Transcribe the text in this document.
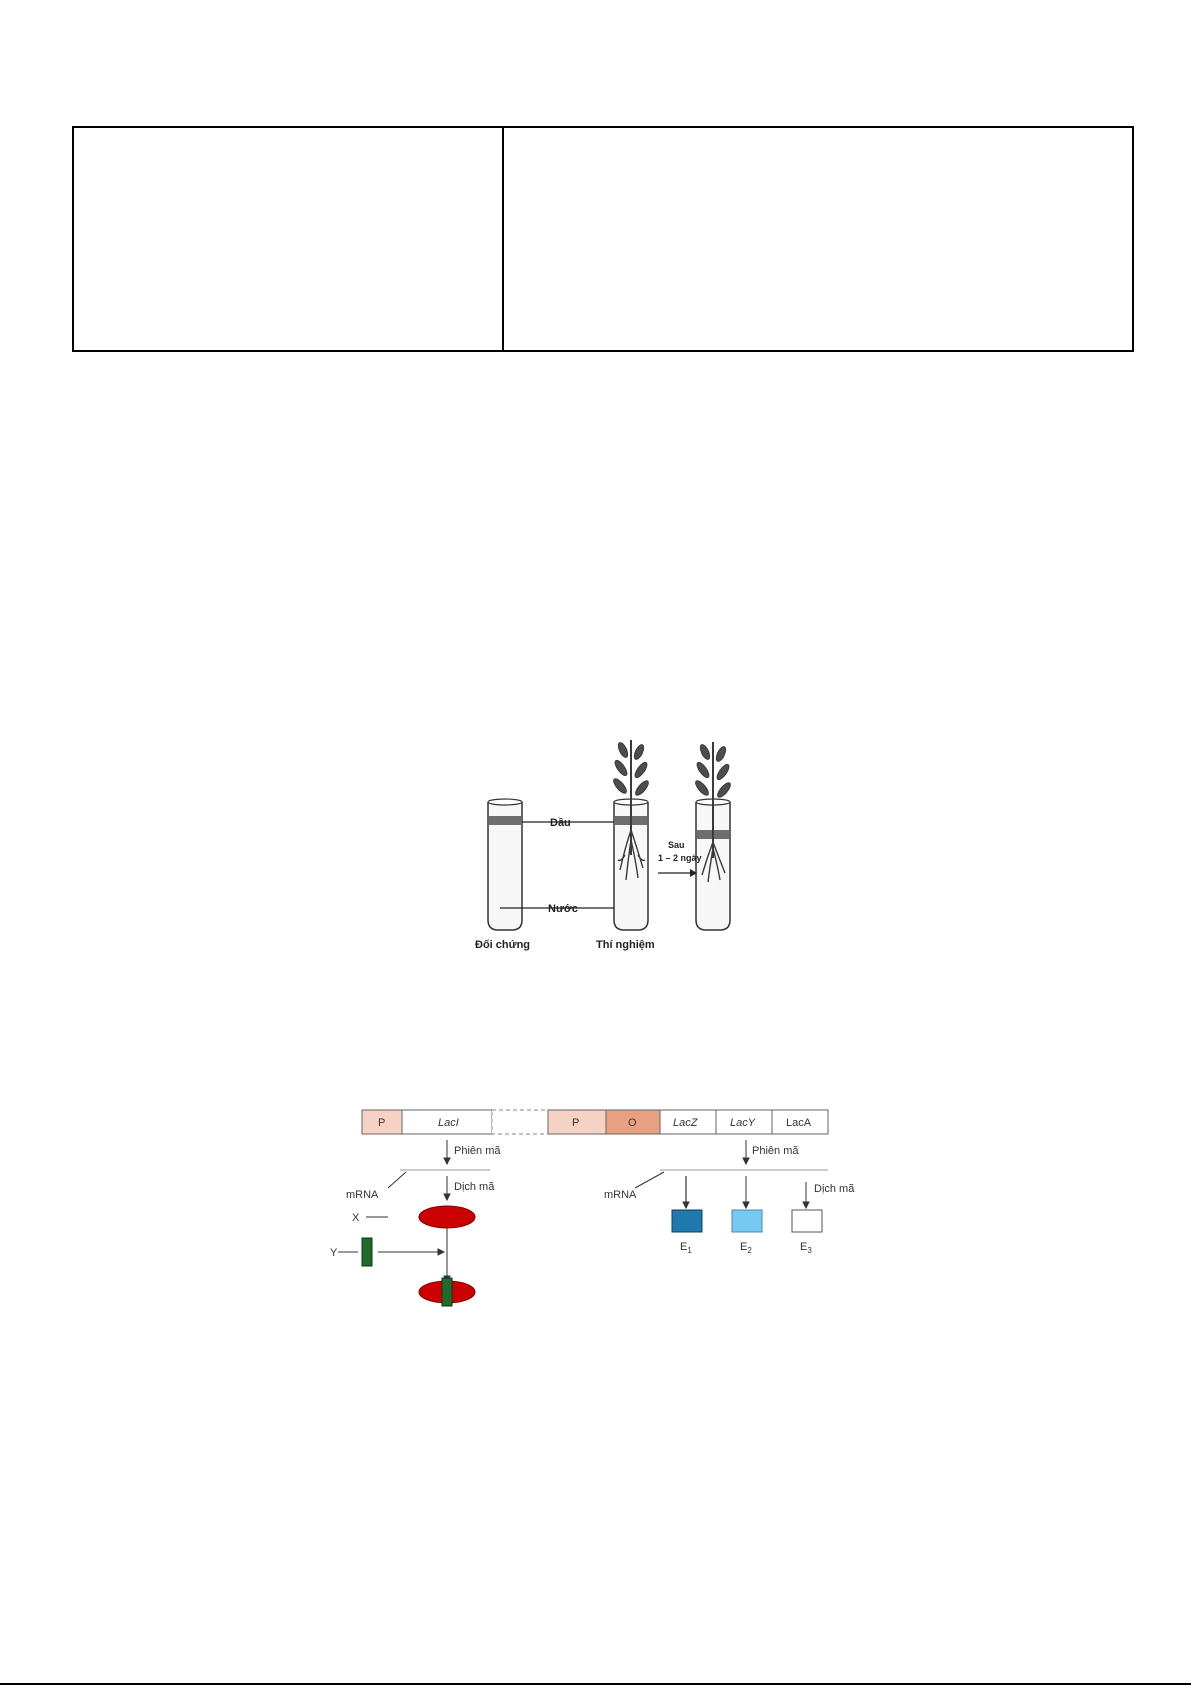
Dầu
Nước
Sau
1 – 2 ngày
Đối chứng	Thí nghiệm
P	LacI	P	O	LacZ	LacY	LacA
Phiên mã
mRNA
Dịch mã
X
Y
Phiên mã
mRNA	Dịch mã
$E_1$	$E_2$	$E_3$
